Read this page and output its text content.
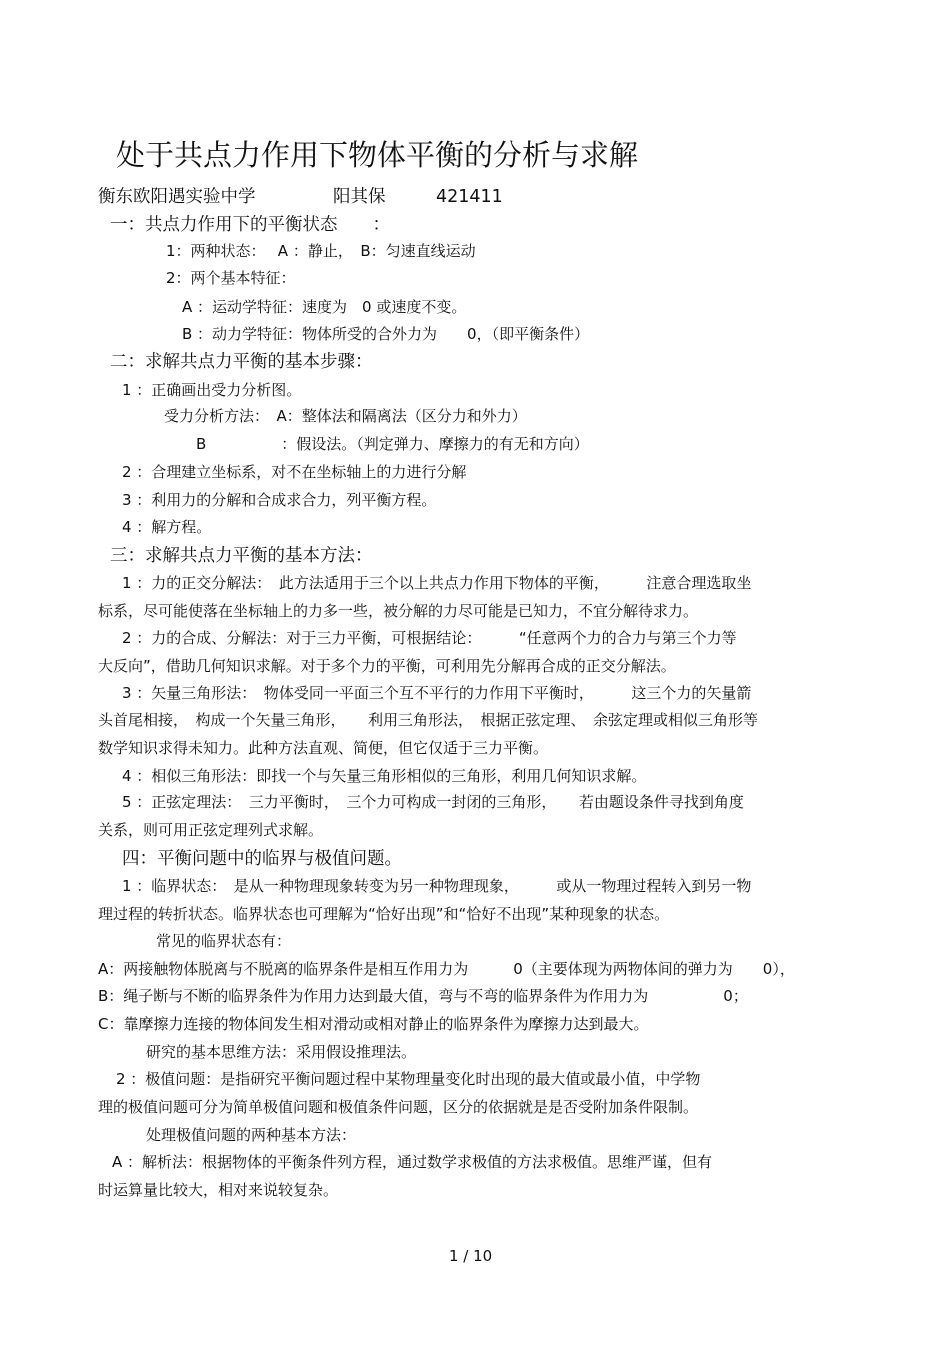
处于共点力作用下物体平衡的分析与求解
衡东欧阳遇实验中学	阳其保	421411
一：共点力作用下的平衡状态　　：
1：两种状态：　 A ：静止，　B：匀速直线运动
2：两个基本特征：
A ：运动学特征：速度为　0 或速度不变。
B ：动力学特征：物体所受的合外力为　　0，（即平衡条件）
二：求解共点力平衡的基本步骤：
1 ：正确画出受力分析图。
受力分析方法：　A：整体法和隔离法（区分力和外力）
B　　　　　：假设法。（判定弹力、摩擦力的有无和方向）
2 ：合理建立坐标系，对不在坐标轴上的力进行分解
3 ：利用力的分解和合成求合力，列平衡方程。
4 ：解方程。
三：求解共点力平衡的基本方法：
1 ：力的正交分解法：　此方法适用于三个以上共点力作用下物体的平衡，　　　注意合理选取坐
标系，尽可能使落在坐标轴上的力多一些，被分解的力尽可能是已知力，不宜分解待求力。
2 ：力的合成、分解法：对于三力平衡，可根据结论：　　　“任意两个力的合力与第三个力等
大反向”，借助几何知识求解。对于多个力的平衡，可利用先分解再合成的正交分解法。
3 ：矢量三角形法：　物体受同一平面三个互不平行的力作用下平衡时，　　　这三个力的矢量箭
头首尾相接，　构成一个矢量三角形，　　利用三角形法，　根据正弦定理、　余弦定理或相似三角形等
数学知识求得未知力。此种方法直观、简便，但它仅适于三力平衡。
4 ：相似三角形法：即找一个与矢量三角形相似的三角形，利用几何知识求解。
5 ：正弦定理法：　三力平衡时，　三个力可构成一封闭的三角形，　　若由题设条件寻找到角度
关系，则可用正弦定理列式求解。
四：平衡问题中的临界与极值问题。
1 ：临界状态：　是从一种物理现象转变为另一种物理现象，　　　或从一物理过程转入到另一物
理过程的转折状态。临界状态也可理解为“恰好出现”和“恰好不出现”某种现象的状态。
常见的临界状态有：
A：两接触物体脱离与不脱离的临界条件是相互作用力为　　　0（主要体现为两物体间的弹力为　　0），
B：绳子断与不断的临界条件为作用力达到最大值，弯与不弯的临界条件为作用力为　　　　　0；
C：靠摩擦力连接的物体间发生相对滑动或相对静止的临界条件为摩擦力达到最大。
研究的基本思维方法：采用假设推理法。
2 ：极值问题：是指研究平衡问题过程中某物理量变化时出现的最大值或最小值，中学物
理的极值问题可分为简单极值问题和极值条件问题，区分的依据就是是否受附加条件限制。
处理极值问题的两种基本方法：
A ：解析法：根据物体的平衡条件列方程，通过数学求极值的方法求极值。思维严谨，但有
时运算量比较大，相对来说较复杂。
1 / 10
